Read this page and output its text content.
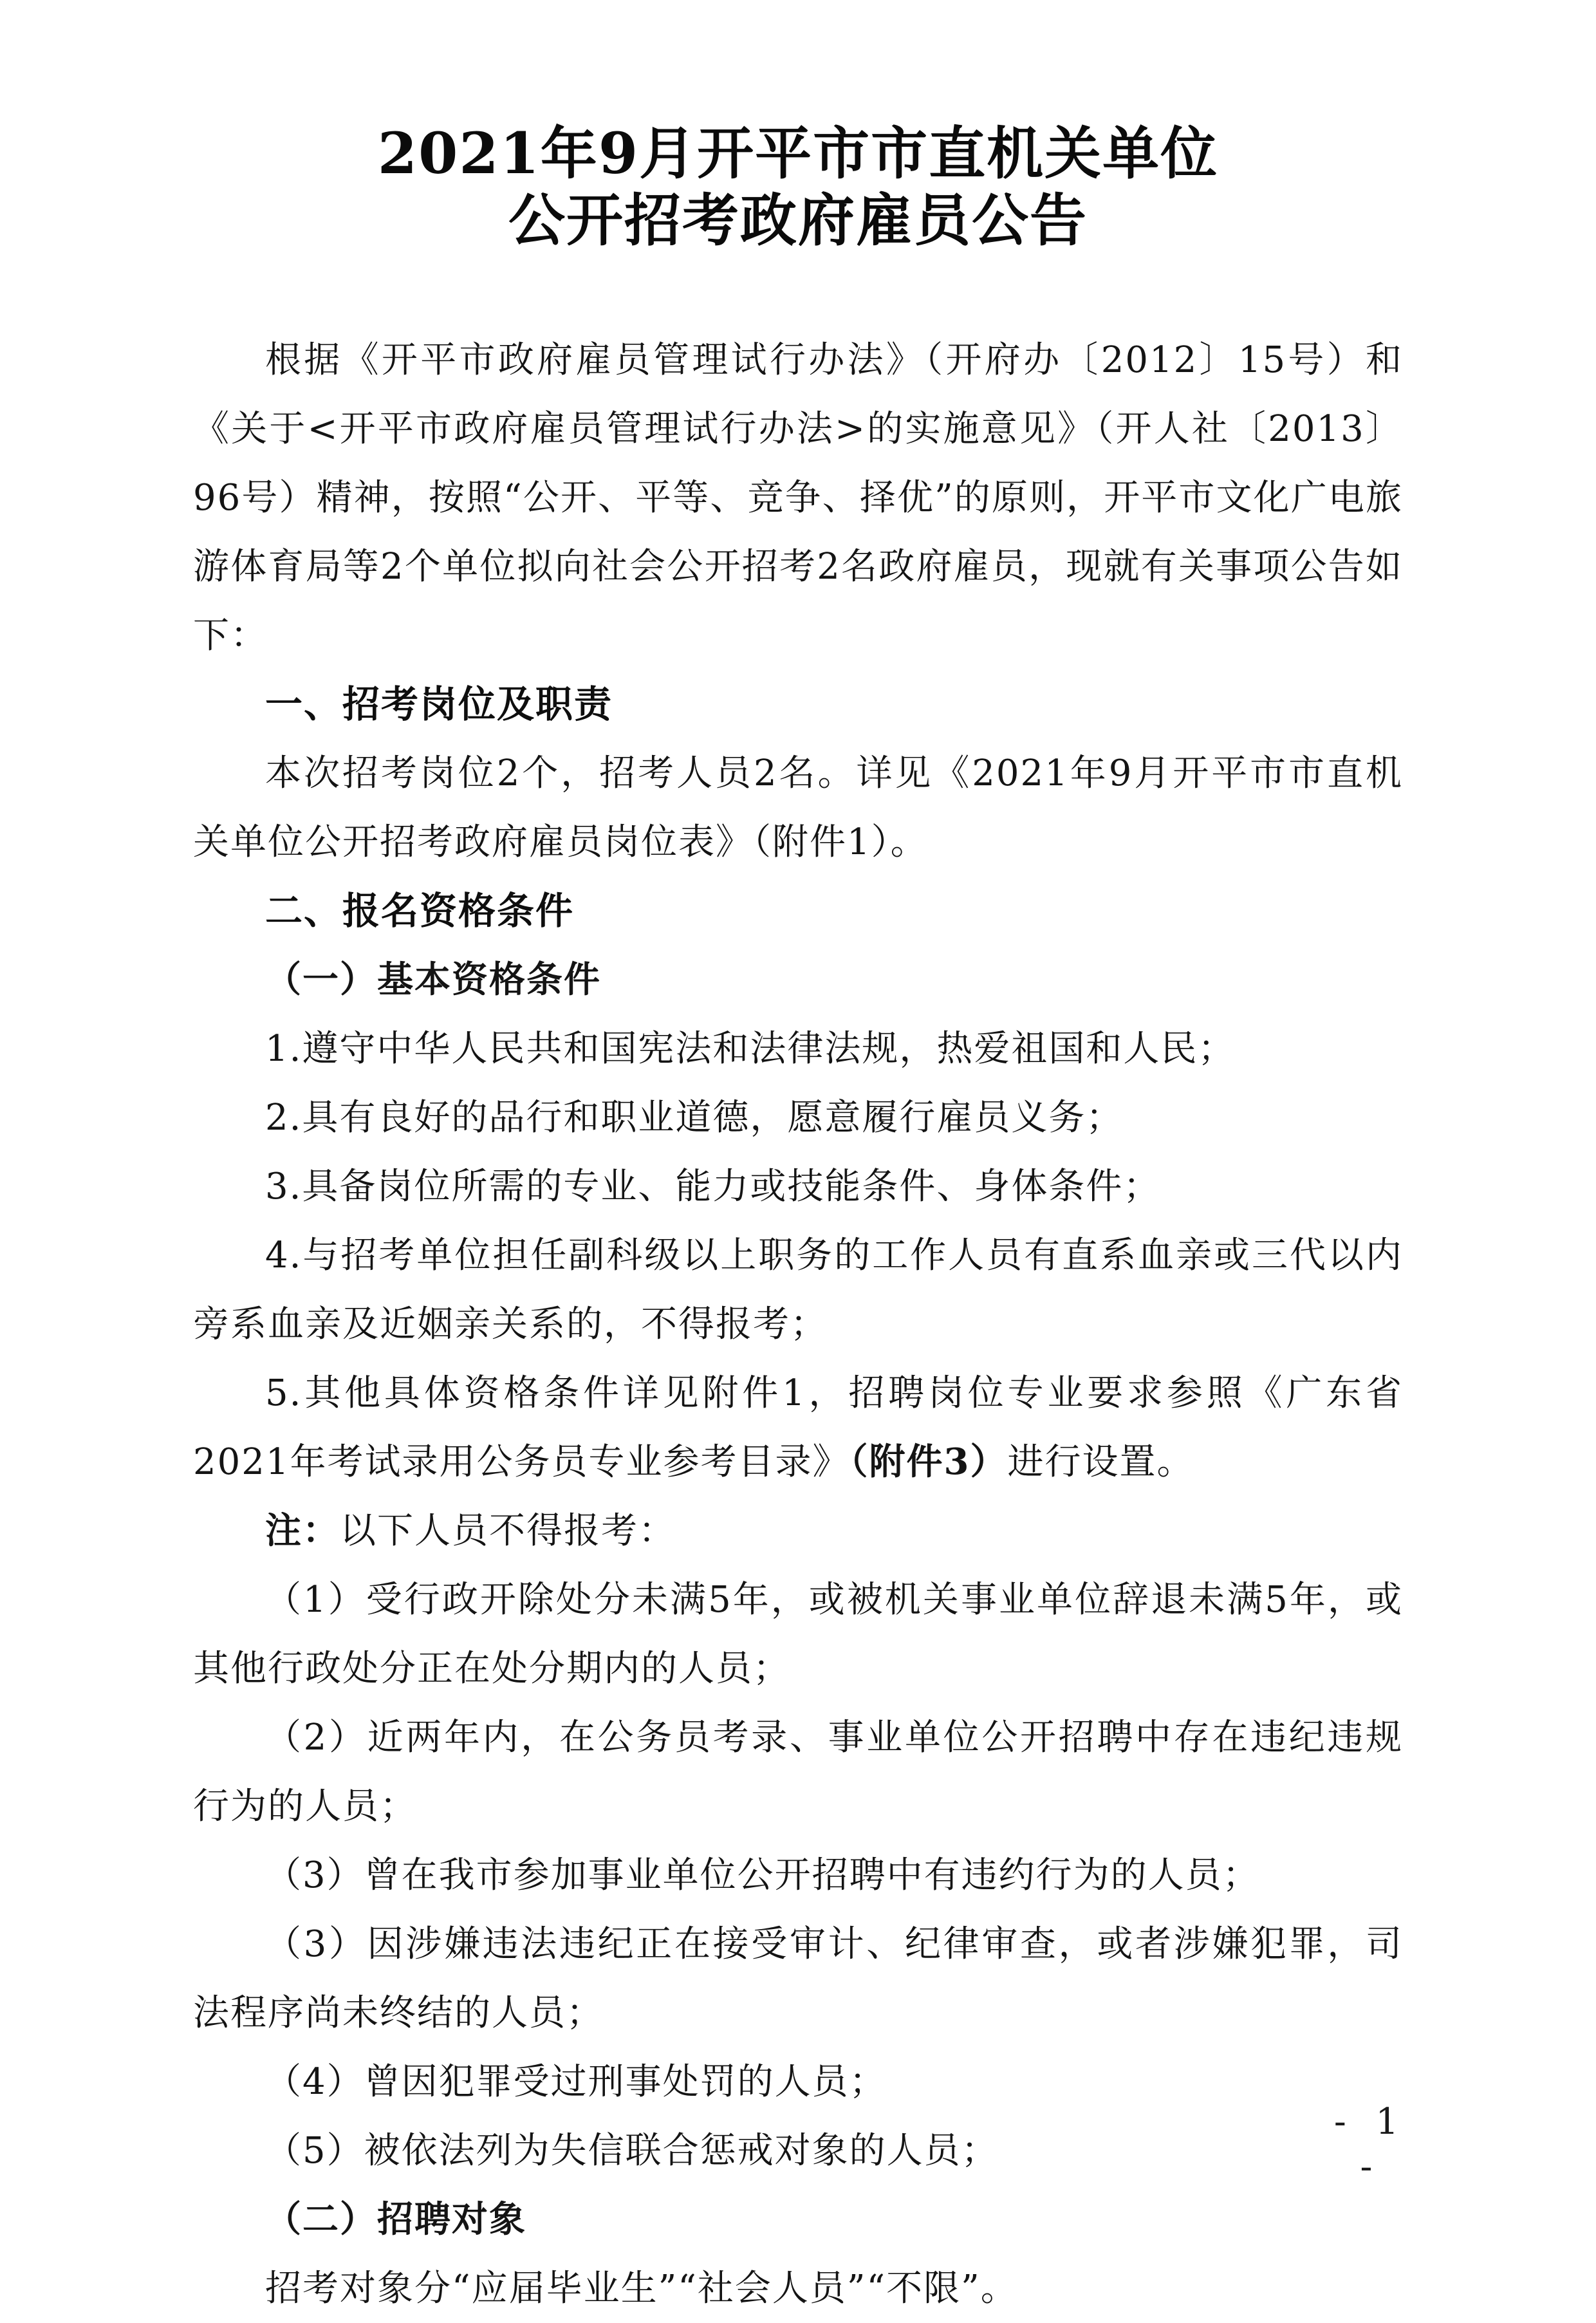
2021年9月开平市市直机关单位
公开招考政府雇员公告

根据《开平市政府雇员管理试行办法》（开府办〔2012〕15号）和《关于<开平市政府雇员管理试行办法>的实施意见》（开人社〔2013〕96号）精神，按照“公开、平等、竞争、择优”的原则，开平市文化广电旅游体育局等2个单位拟向社会公开招考2名政府雇员，现就有关事项公告如下：

一、招考岗位及职责

本次招考岗位2个，招考人员2名。详见《2021年9月开平市市直机关单位公开招考政府雇员岗位表》（附件1）。

二、报名资格条件

（一）基本资格条件

1.遵守中华人民共和国宪法和法律法规，热爱祖国和人民；

2.具有良好的品行和职业道德，愿意履行雇员义务；

3.具备岗位所需的专业、能力或技能条件、身体条件；

4.与招考单位担任副科级以上职务的工作人员有直系血亲或三代以内旁系血亲及近姻亲关系的，不得报考；

5.其他具体资格条件详见附件1，招聘岗位专业要求参照《广东省2021年考试录用公务员专业参考目录》（附件3）进行设置。

注：以下人员不得报考：

（1）受行政开除处分未满5年，或被机关事业单位辞退未满5年，或其他行政处分正在处分期内的人员；

（2）近两年内，在公务员考录、事业单位公开招聘中存在违纪违规行为的人员；

（3）曾在我市参加事业单位公开招聘中有违约行为的人员；

（3）因涉嫌违法违纪正在接受审计、纪律审查，或者涉嫌犯罪，司法程序尚未终结的人员；

（4）曾因犯罪受过刑事处罚的人员；

（5）被依法列为失信联合惩戒对象的人员；

（二）招聘对象

招考对象分“应届毕业生”“社会人员”“不限”。

- 1 -
